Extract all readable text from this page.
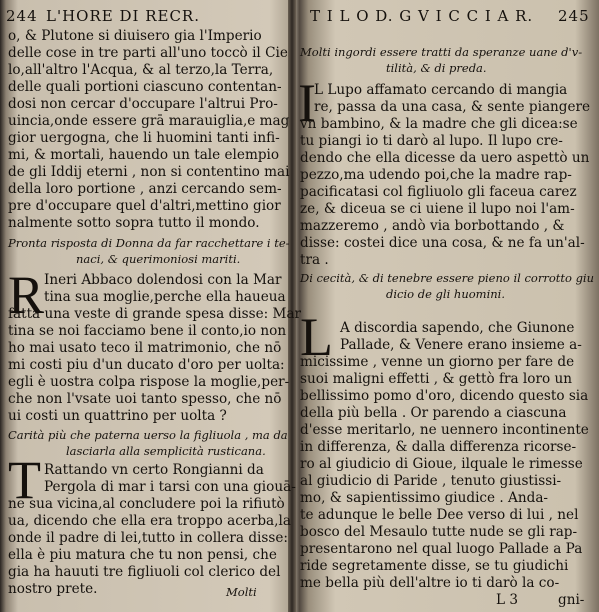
244 L'HORE DI RECR.
o, & Plutone si diuisero gia l'Imperio
delle cose in tre parti all'uno toccò il Cie
lo,all'altro l'Acqua, & al terzo,la Terra,
delle quali portioni ciascuno contentan-
dosi non cercar d'occupare l'altrui Pro-
uincia,onde essere grā marauiglia,e mag
gior uergogna, che li huomini tanti infi-
mi, & mortali, hauendo un tale elempio
de gli Iddij eterni , non si contentino mai
della loro portione , anzi cercando sem-
pre d'occupare quel d'altri,mettino gior
nalmente sotto sopra tutto il mondo.
Pronta risposta di Donna da far racchettare i te-
naci, & querimoniosi mariti.
R Ineri Abbaco dolendosi con la Mar
tina sua moglie,perche ella haueua
fatta una veste di grande spesa disse: Mar
tina se noi facciamo bene il conto,io non
ho mai usato teco il matrimonio, che nō
mi costi piu d'un ducato d'oro per uolta:
egli è uostra colpa rispose la moglie,per-
che non l'vsate uoi tanto spesso, che nō
ui costi un quattrino per uolta ?
Carità più che paterna uerso la figliuola , ma da
lasciarla alla semplicità rusticana.
T Rattando vn certo Rongianni da
Pergola di mar i tarsi con una giouā-
ne sua vicina,al concludere poi la rifiutò
ua, dicendo che ella era troppo acerba,la
onde il padre di lei,tutto in collera disse:
ella è piu matura che tu non pensi, che
gia ha hauuti tre figliuoli col clerico del
nostro prete.	Molti
T I L O D. G V I C C I A R. 245
Molti ingordi essere tratti da speranze uane d'v-
tilità, & di preda.
I
L Lupo affamato cercando di mangia
re, passa da una casa, & sente piangere
vn bambino, & la madre che gli dicea:se
tu piangi io ti darò al lupo. Il lupo cre-
dendo che ella dicesse da uero aspettò un
pezzo,ma udendo poi,che la madre rap-
pacificatasi col figliuolo gli faceua carez
ze, & diceua se ci uiene il lupo noi l'am-
mazzeremo , andò via borbottando , &
disse: costei dice una cosa, & ne fa un'al-
tra .
Di cecità, & di tenebre essere pieno il corrotto giu
dicio de gli huomini.
L A discordia sapendo, che Giunone
Pallade, & Venere erano insieme a-
micissime , venne un giorno per fare de
suoi maligni effetti , & gettò fra loro un
bellissimo pomo d'oro, dicendo questo sia
della più bella . Or parendo a ciascuna
d'esse meritarlo, ne uennero incontinente
in differenza, & dalla differenza ricorse-
ro al giudicio di Gioue, ilquale le rimesse
al giudicio di Paride , tenuto giustissi-
mo, & sapientissimo giudice . Anda-
te adunque le belle Dee verso di lui , nel
bosco del Mesaulo tutte nude se gli rap-
presentarono nel qual luogo Pallade a Pa
ride segretamente disse, se tu giudichi
me bella più dell'altre io ti darò la co-
L 3	gni-
